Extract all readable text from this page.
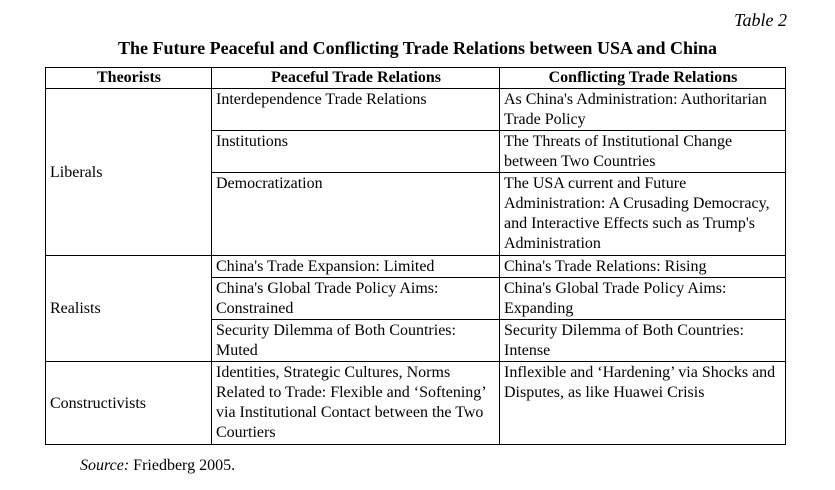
Table 2
The Future Peaceful and Conflicting Trade Relations between USA and China
Theorists	Peaceful Trade Relations	Conflicting Trade Relations
Liberals	Interdependence Trade Relations	As China's Administration: Authoritarian Trade Policy
	Institutions	The Threats of Institutional Change between Two Countries
	Democratization	The USA current and Future Administration: A Crusading Democracy, and Interactive Effects such as Trump's Administration
Realists	China's Trade Expansion: Limited	China's Trade Relations: Rising
	China's Global Trade Policy Aims: Constrained	China's Global Trade Policy Aims: Expanding
	Security Dilemma of Both Countries: Muted	Security Dilemma of Both Countries: Intense
Constructivists	Identities, Strategic Cultures, Norms Related to Trade: Flexible and ‘Softening’ via Institutional Contact between the Two Courtiers	Inflexible and ‘Hardening’ via Shocks and Disputes, as like Huawei Crisis
Source: Friedberg 2005.
